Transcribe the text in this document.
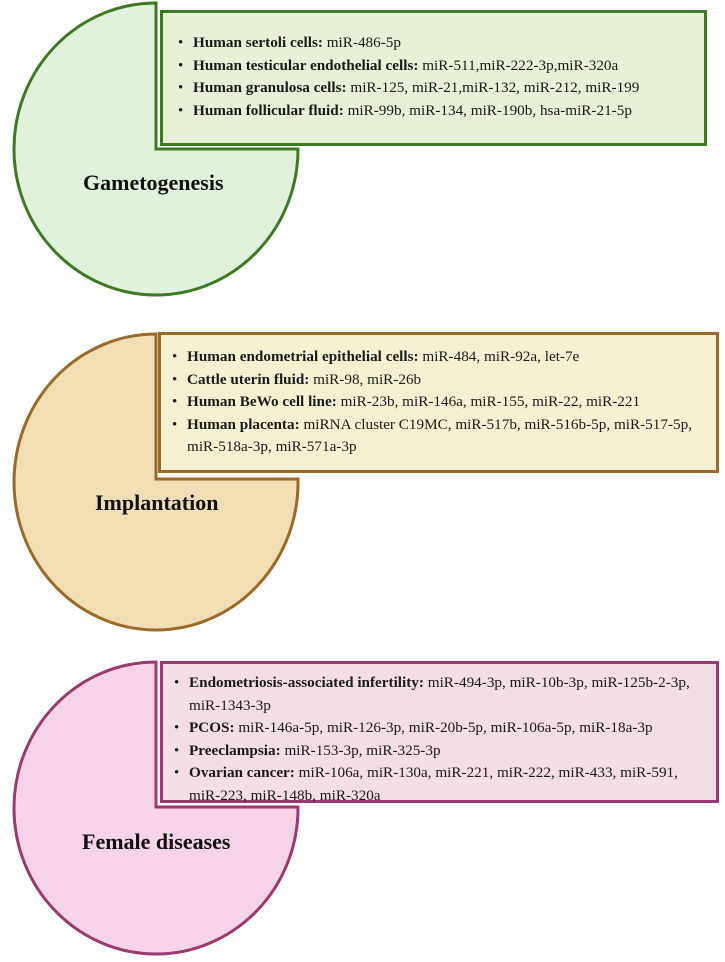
Gametogenesis
• Human sertoli cells: miR-486-5p
• Human testicular endothelial cells: miR-511,miR-222-3p,miR-320a
• Human granulosa cells: miR-125, miR-21,miR-132, miR-212, miR-199
• Human follicular fluid: miR-99b, miR-134, miR-190b, hsa-miR-21-5p
Implantation
• Human endometrial epithelial cells: miR-484, miR-92a, let-7e
• Cattle uterin fluid: miR-98, miR-26b
• Human BeWo cell line: miR-23b, miR-146a, miR-155, miR-22, miR-221
• Human placenta: miRNA cluster C19MC, miR-517b, miR-516b-5p, miR-517-5p, miR-518a-3p, miR-571a-3p
Female diseases
• Endometriosis-associated infertility: miR-494-3p, miR-10b-3p, miR-125b-2-3p, miR-1343-3p
• PCOS: miR-146a-5p, miR-126-3p, miR-20b-5p, miR-106a-5p, miR-18a-3p
• Preeclampsia: miR-153-3p, miR-325-3p
• Ovarian cancer: miR-106a, miR-130a, miR-221, miR-222, miR-433, miR-591, miR-223, miR-148b, miR-320a
